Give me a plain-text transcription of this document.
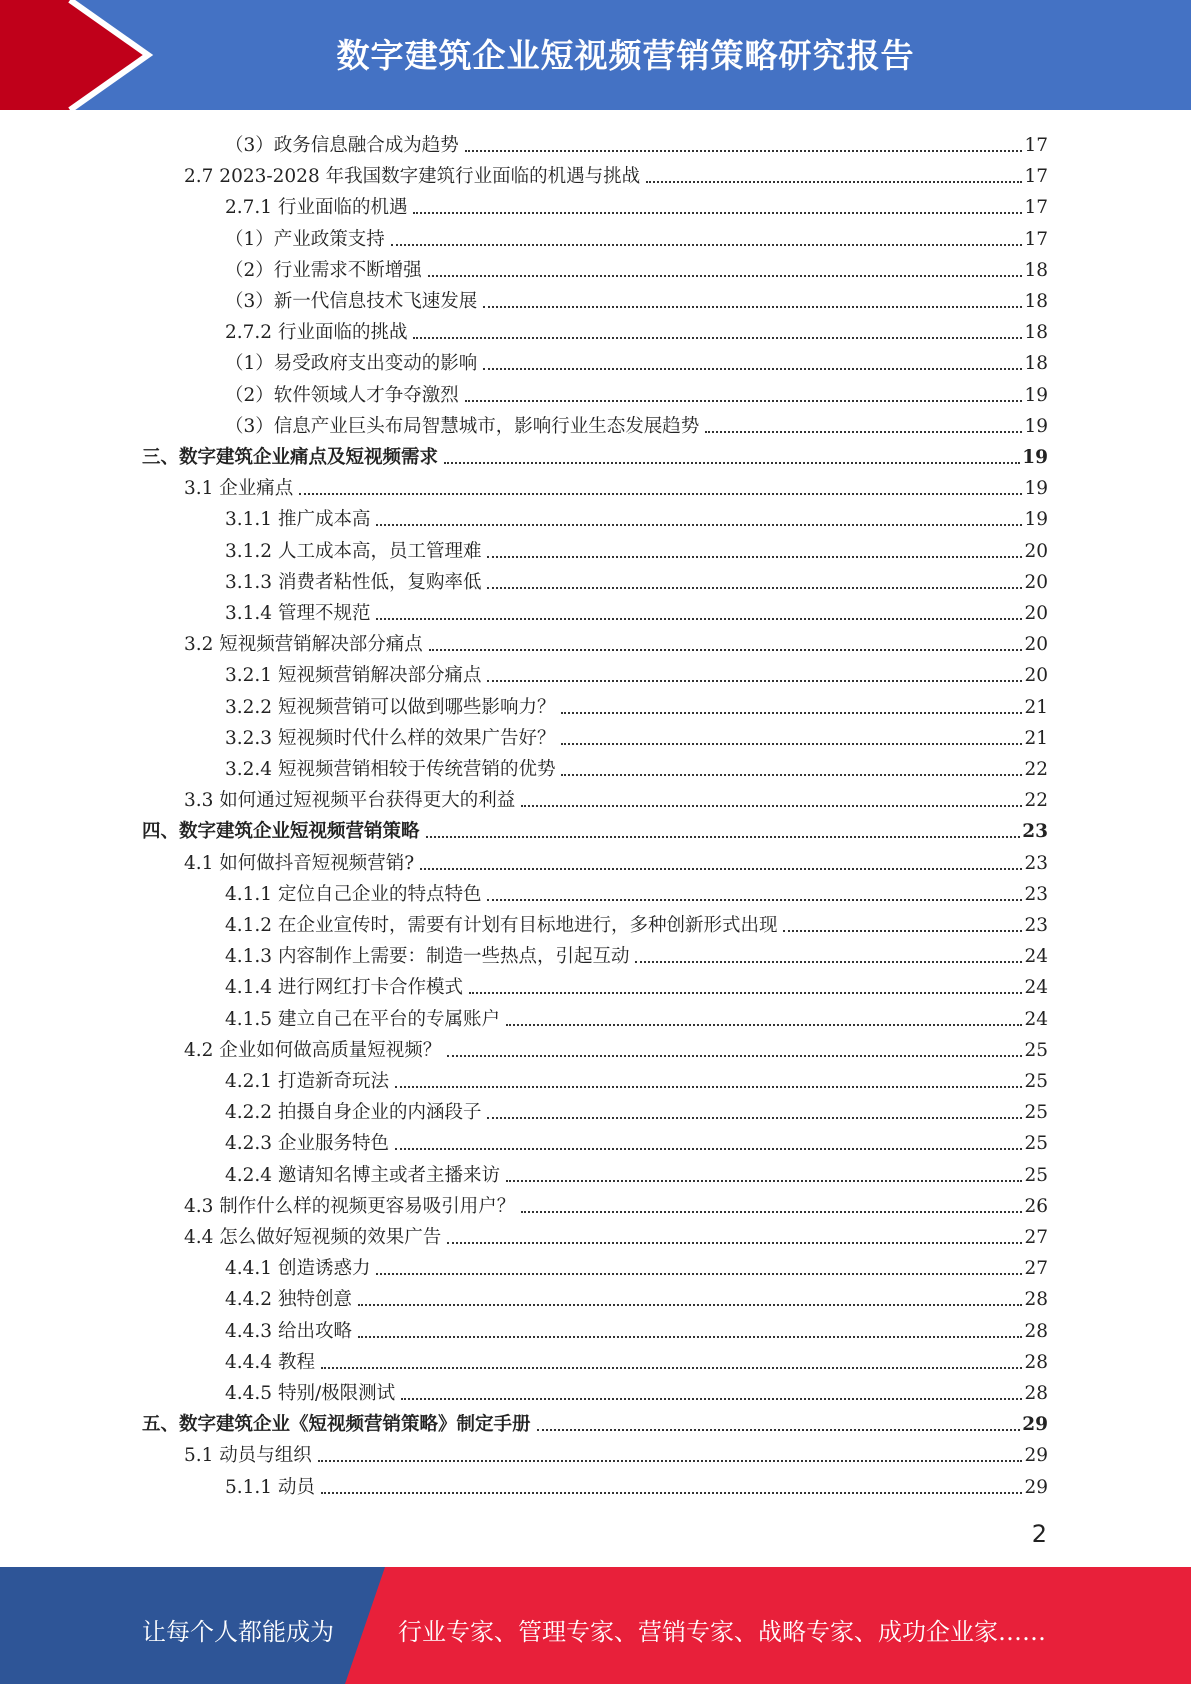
数字建筑企业短视频营销策略研究报告
（3）政务信息融合成为趋势	17
2.7 2023-2028 年我国数字建筑行业面临的机遇与挑战	17
2.7.1 行业面临的机遇	17
（1）产业政策支持	17
（2）行业需求不断增强	18
（3）新一代信息技术飞速发展	18
2.7.2 行业面临的挑战	18
（1）易受政府支出变动的影响	18
（2）软件领域人才争夺激烈	19
（3）信息产业巨头布局智慧城市，影响行业生态发展趋势	19
三、数字建筑企业痛点及短视频需求	19
3.1 企业痛点	19
3.1.1 推广成本高	19
3.1.2 人工成本高，员工管理难	20
3.1.3 消费者粘性低，复购率低	20
3.1.4 管理不规范	20
3.2 短视频营销解决部分痛点	20
3.2.1 短视频营销解决部分痛点	20
3.2.2 短视频营销可以做到哪些影响力？	21
3.2.3 短视频时代什么样的效果广告好？	21
3.2.4 短视频营销相较于传统营销的优势	22
3.3 如何通过短视频平台获得更大的利益	22
四、数字建筑企业短视频营销策略	23
4.1 如何做抖音短视频营销?	23
4.1.1 定位自己企业的特点特色	23
4.1.2 在企业宣传时，需要有计划有目标地进行，多种创新形式出现	23
4.1.3 内容制作上需要：制造一些热点，引起互动	24
4.1.4 进行网红打卡合作模式	24
4.1.5 建立自己在平台的专属账户	24
4.2 企业如何做高质量短视频？	25
4.2.1 打造新奇玩法	25
4.2.2 拍摄自身企业的内涵段子	25
4.2.3 企业服务特色	25
4.2.4 邀请知名博主或者主播来访	25
4.3 制作什么样的视频更容易吸引用户？	26
4.4 怎么做好短视频的效果广告	27
4.4.1 创造诱惑力	27
4.4.2 独特创意	28
4.4.3 给出攻略	28
4.4.4 教程	28
4.4.5 特别/极限测试	28
五、数字建筑企业《短视频营销策略》制定手册	29
5.1 动员与组织	29
5.1.1 动员	29
2
让每个人都能成为	行业专家、管理专家、营销专家、战略专家、成功企业家……
